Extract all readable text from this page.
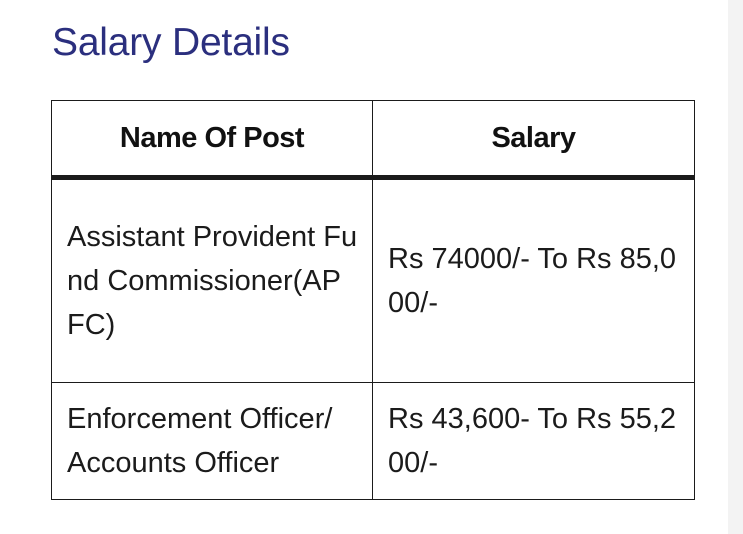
Salary Details
Name Of Post	Salary
Assistant Provident Fund Commissioner(APFC)	Rs 74000/- To Rs 85,000/-
Enforcement Officer/ Accounts Officer	Rs 43,600- To Rs 55,200/-
